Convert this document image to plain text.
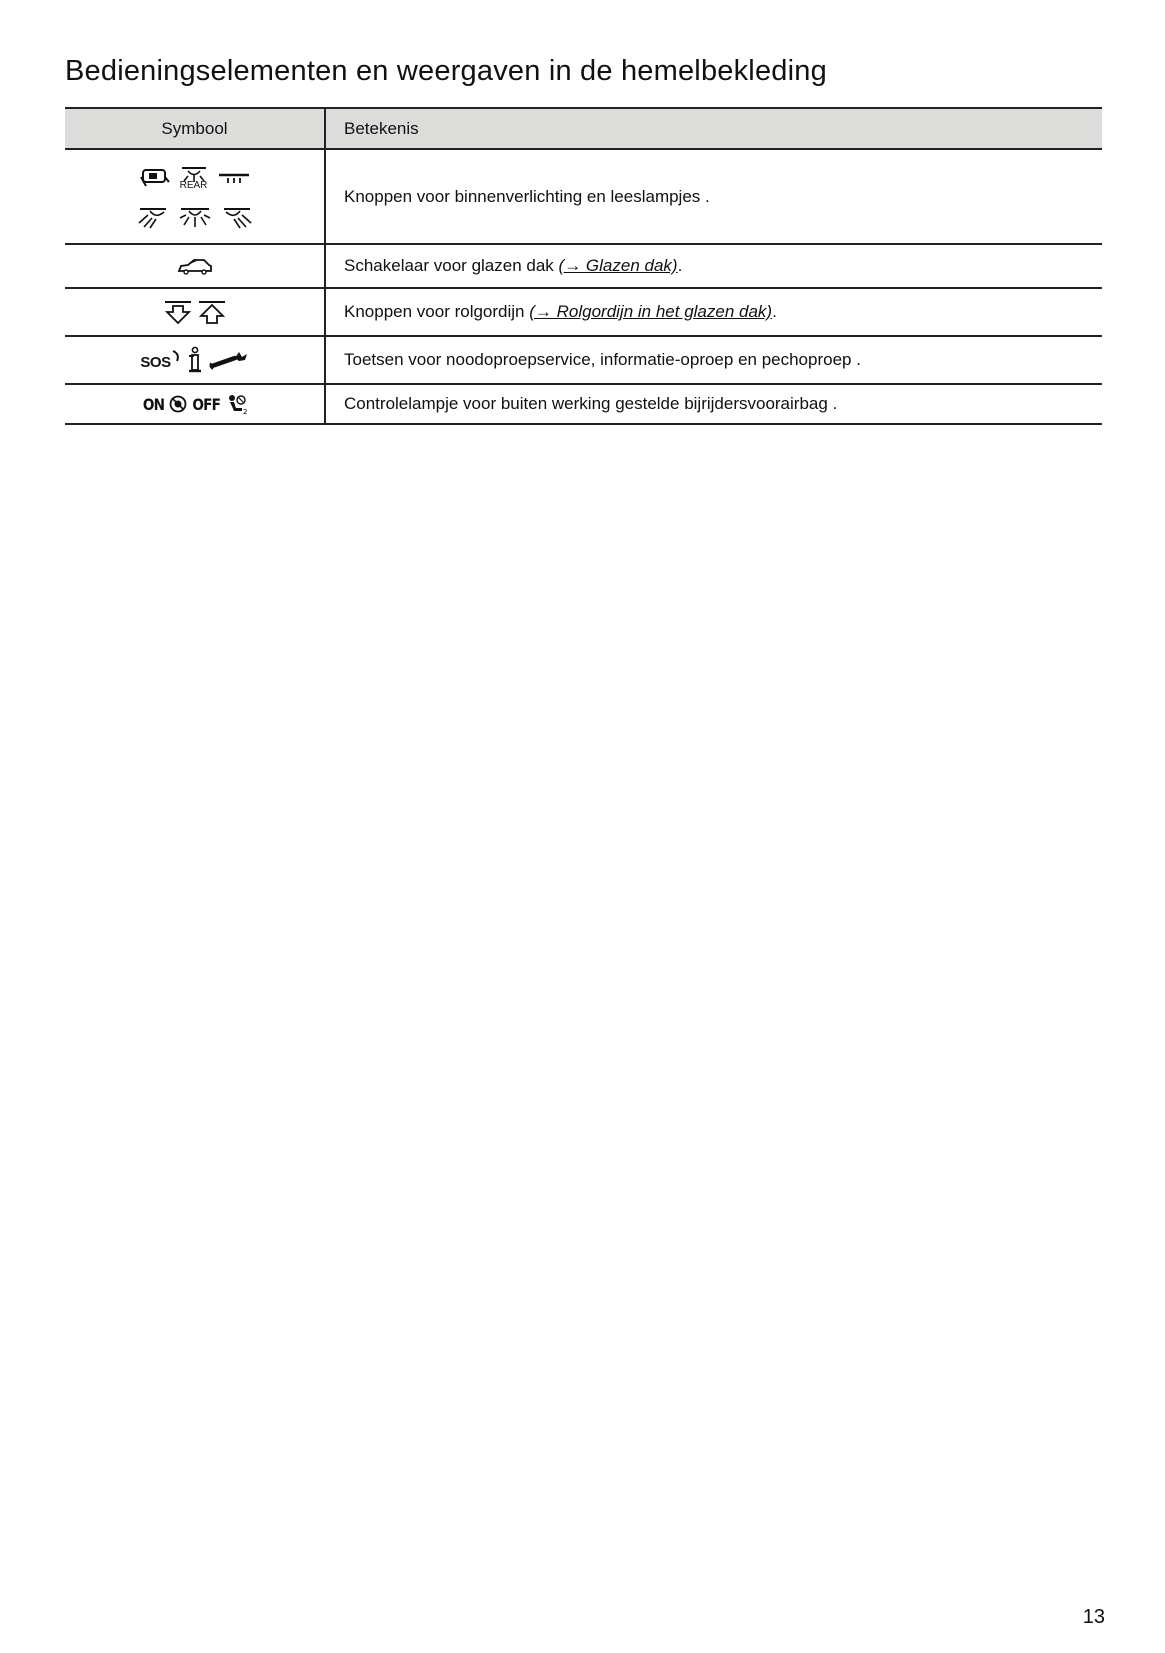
Bedieningselementen en weergaven in de hemelbekleding
Symbool	Betekenis

REAR	Knoppen voor binnenverlichting en leeslampjes .

	Schakelaar voor glazen dak (→ Glazen dak).

	Knoppen voor rolgordijn (→ Rolgordijn in het glazen dak).

SOS	Toetsen voor noodoproepservice, informatie-oproep en pechoproep .

ON OFF 2	Controlelampje voor buiten werking gestelde bijrijdersvoorairbag .
13
